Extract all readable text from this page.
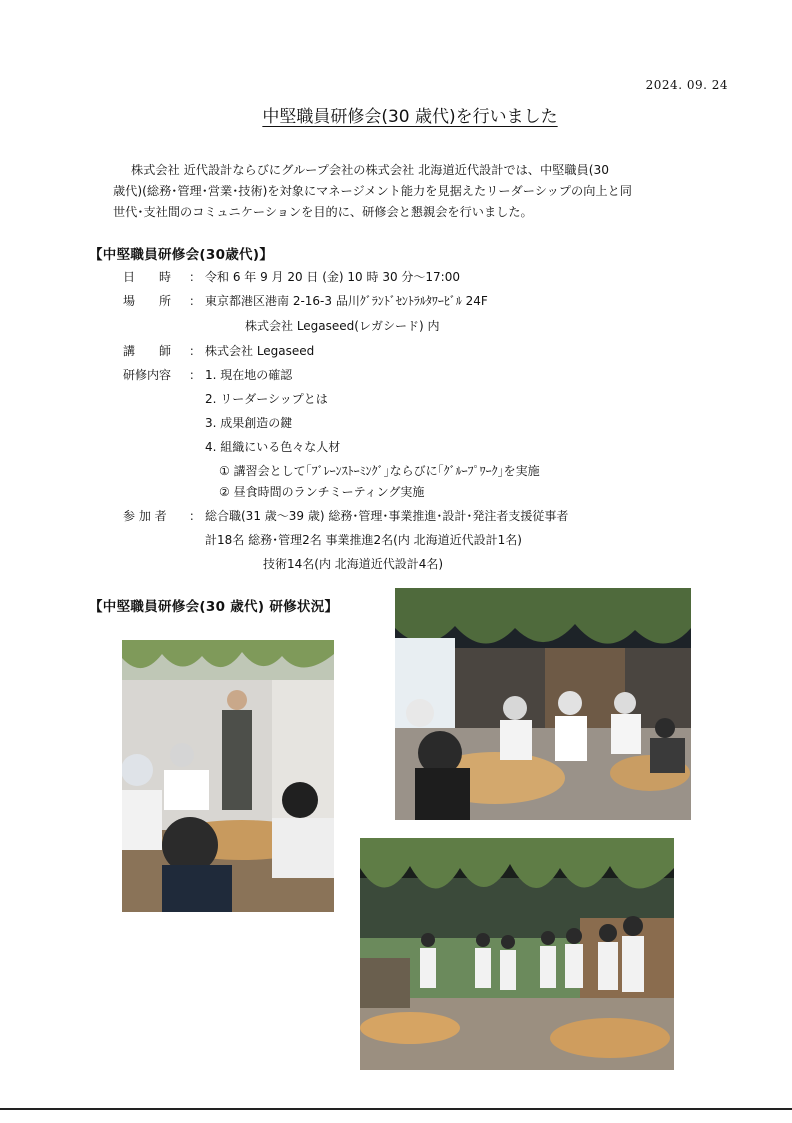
2024. 09. 24
中堅職員研修会(30 歳代)を行いました
株式会社 近代設計ならびにグループ会社の株式会社 北海道近代設計では、中堅職員(30
歳代)(総務･管理･営業･技術)を対象にマネージメント能力を見据えたリーダーシップの向上と同
世代･支社間のコミュニケーションを目的に、研修会と懇親会を行いました。
【中堅職員研修会(30歳代)】
日　　時	： 令和 6 年 9 月 20 日 (金) 10 時 30 分～17:00
場　　所	： 東京都港区港南 2-16-3 品川ｸﾞﾗﾝﾄﾞｾﾝﾄﾗﾙﾀﾜｰﾋﾞﾙ 24F
株式会社 Legaseed(レガシード) 内
講　　師	： 株式会社 Legaseed
研修内容	： 1. 現在地の確認
2. リーダーシップとは
3. 成果創造の鍵
4. 組織にいる色々な人材
① 講習会として｢ﾌﾞﾚｰﾝｽﾄｰﾐﾝｸﾞ｣ならびに｢ｸﾞﾙｰﾌﾟﾜｰｸ｣を実施
② 昼食時間のランチミーティング実施
参 加 者	： 総合職(31 歳～39 歳) 総務･管理･事業推進･設計･発注者支援従事者
計18名 総務･管理2名 事業推進2名(内 北海道近代設計1名)
技術14名(内 北海道近代設計4名)
【中堅職員研修会(30 歳代) 研修状況】
